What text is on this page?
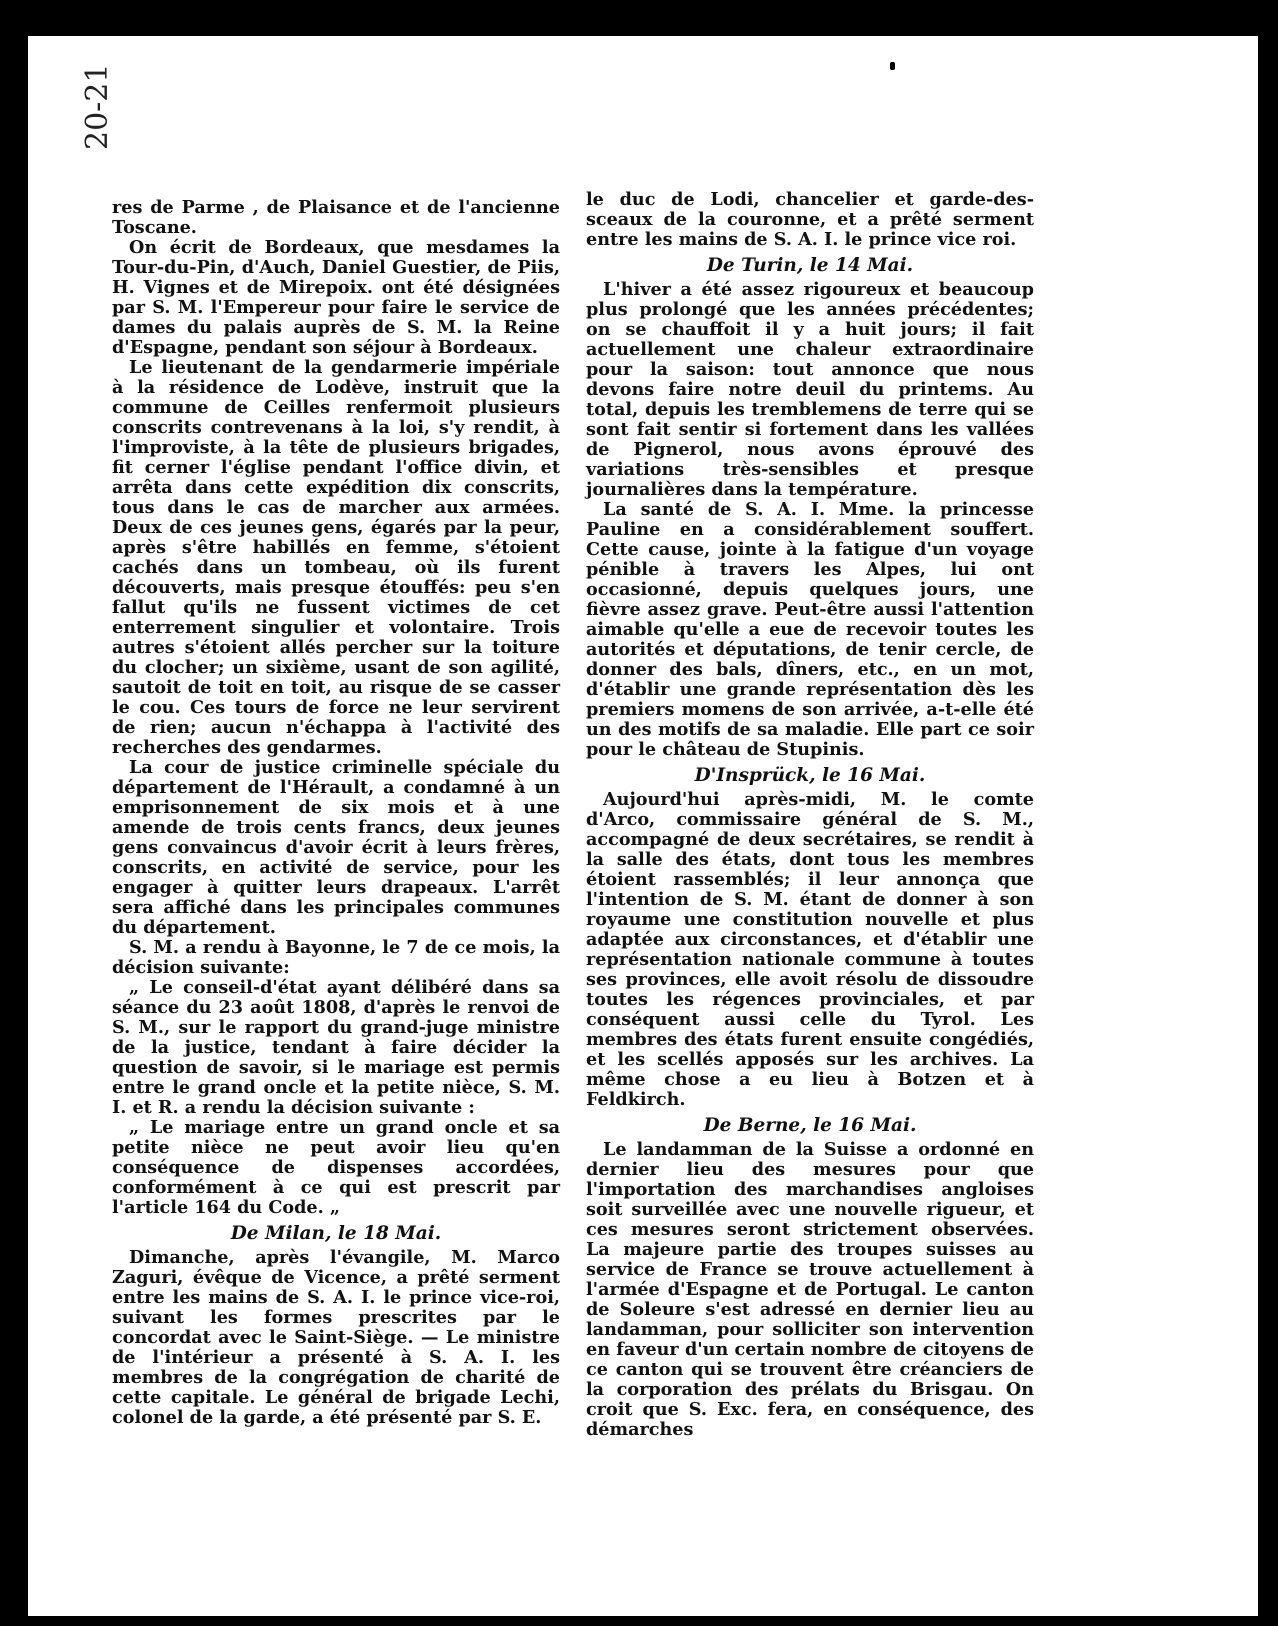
20-21

res de Parme , de Plaisance et de l'ancienne Toscane.

On écrit de Bordeaux, que mesdames la Tour-du-Pin, d'Auch, Daniel Guestier, de Piis, H. Vignes et de Mirepoix. ont été désignées par S. M. l'Empereur pour faire le service de dames du palais auprès de S. M. la Reine d'Espagne, pendant son séjour à Bordeaux.

Le lieutenant de la gendarmerie impériale à la résidence de Lodève, instruit que la commune de Ceilles renfermoit plusieurs conscrits contrevenans à la loi, s'y rendit, à l'improviste, à la tête de plusieurs brigades, fit cerner l'église pendant l'office divin, et arrêta dans cette expédition dix conscrits, tous dans le cas de marcher aux armées. Deux de ces jeunes gens, égarés par la peur, après s'être habillés en femme, s'étoient cachés dans un tombeau, où ils furent découverts, mais presque étouffés: peu s'en fallut qu'ils ne fussent victimes de cet enterrement singulier et volontaire. Trois autres s'étoient allés percher sur la toiture du clocher; un sixième, usant de son agilité, sautoit de toit en toit, au risque de se casser le cou. Ces tours de force ne leur servirent de rien; aucun n'échappa à l'activité des recherches des gendarmes.

La cour de justice criminelle spéciale du département de l'Hérault, a condamné à un emprisonnement de six mois et à une amende de trois cents francs, deux jeunes gens convaincus d'avoir écrit à leurs frères, conscrits, en activité de service, pour les engager à quitter leurs drapeaux. L'arrêt sera affiché dans les principales communes du département.

S. M. a rendu à Bayonne, le 7 de ce mois, la décision suivante:

„ Le conseil-d'état ayant délibéré dans sa séance du 23 août 1808, d'après le renvoi de S. M., sur le rapport du grand-juge ministre de la justice, tendant à faire décider la question de savoir, si le mariage est permis entre le grand oncle et la petite nièce, S. M. I. et R. a rendu la décision suivante :

„ Le mariage entre un grand oncle et sa petite nièce ne peut avoir lieu qu'en conséquence de dispenses accordées, conformément à ce qui est prescrit par l'article 164 du Code. „

De Milan, le 18 Mai.

Dimanche, après l'évangile, M. Marco Zaguri, évêque de Vicence, a prêté serment entre les mains de S. A. I. le prince vice-roi, suivant les formes prescrites par le concordat avec le Saint-Siège. — Le ministre de l'intérieur a présenté à S. A. I. les membres de la congrégation de charité de cette capitale. Le général de brigade Lechi, colonel de la garde, a été présenté par S. E.

le duc de Lodi, chancelier et garde-des-sceaux de la couronne, et a prêté serment entre les mains de S. A. I. le prince vice roi.

De Turin, le 14 Mai.

L'hiver a été assez rigoureux et beaucoup plus prolongé que les années précédentes; on se chauffoit il y a huit jours; il fait actuellement une chaleur extraordinaire pour la saison: tout annonce que nous devons faire notre deuil du printems. Au total, depuis les tremblemens de terre qui se sont fait sentir si fortement dans les vallées de Pignerol, nous avons éprouvé des variations très-sensibles et presque journalières dans la température.

La santé de S. A. I. Mme. la princesse Pauline en a considérablement souffert. Cette cause, jointe à la fatigue d'un voyage pénible à travers les Alpes, lui ont occasionné, depuis quelques jours, une fièvre assez grave. Peut-être aussi l'attention aimable qu'elle a eue de recevoir toutes les autorités et députations, de tenir cercle, de donner des bals, dîners, etc., en un mot, d'établir une grande représentation dès les premiers momens de son arrivée, a-t-elle été un des motifs de sa maladie. Elle part ce soir pour le château de Stupinis.

D'Insprück, le 16 Mai.

Aujourd'hui après-midi, M. le comte d'Arco, commissaire général de S. M., accompagné de deux secrétaires, se rendit à la salle des états, dont tous les membres étoient rassemblés; il leur annonça que l'intention de S. M. étant de donner à son royaume une constitution nouvelle et plus adaptée aux circonstances, et d'établir une représentation nationale commune à toutes ses provinces, elle avoit résolu de dissoudre toutes les régences provinciales, et par conséquent aussi celle du Tyrol. Les membres des états furent ensuite congédiés, et les scellés apposés sur les archives. La même chose a eu lieu à Botzen et à Feldkirch.

De Berne, le 16 Mai.

Le landamman de la Suisse a ordonné en dernier lieu des mesures pour que l'importation des marchandises angloises soit surveillée avec une nouvelle rigueur, et ces mesures seront strictement observées. La majeure partie des troupes suisses au service de France se trouve actuellement à l'armée d'Espagne et de Portugal. Le canton de Soleure s'est adressé en dernier lieu au landamman, pour solliciter son intervention en faveur d'un certain nombre de citoyens de ce canton qui se trouvent être créanciers de la corporation des prélats du Brisgau. On croit que S. Exc. fera, en conséquence, des démarches
